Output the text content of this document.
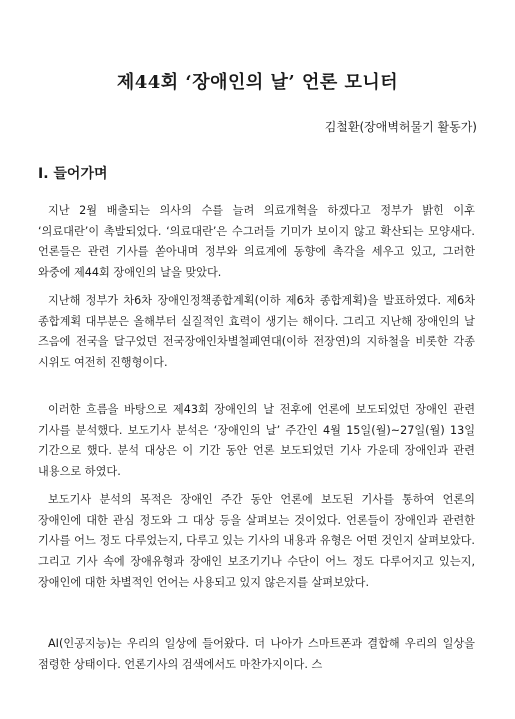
제44회 ‘장애인의 날’ 언론 모니터

김철환(장애벽허물기 활동가)

Ⅰ. 들어가며

지난 2월 배출되는 의사의 수를 늘려 의료개혁을 하겠다고 정부가 밝힌 이후 ‘의료대란’이 촉발되었다. ‘의료대란’은 수그러들 기미가 보이지 않고 확산되는 모양새다. 언론들은 관련 기사를 쏟아내며 정부와 의료계에 동향에 촉각을 세우고 있고, 그러한 와중에 제44회 장애인의 날을 맞았다.

지난해 정부가 차6차 장애인정책종합계획(이하 제6차 종합계획)을 발표하였다. 제6차 종합계획 대부분은 올해부터 실질적인 효력이 생기는 해이다. 그리고 지난해 장애인의 날 즈음에 전국을 달구었던 전국장애인차별철폐연대(이하 전장연)의 지하철을 비롯한 각종 시위도 여전히 진행형이다.

이러한 흐름을 바탕으로 제43회 장애인의 날 전후에 언론에 보도되었던 장애인 관련 기사를 분석했다. 보도기사 분석은 ‘장애인의 날’ 주간인 4월 15일(월)~27일(월) 13일 기간으로 했다. 분석 대상은 이 기간 동안 언론 보도되었던 기사 가운데 장애인과 관련 내용으로 하였다.

보도기사 분석의 목적은 장애인 주간 동안 언론에 보도된 기사를 통하여 언론의 장애인에 대한 관심 정도와 그 대상 등을 살펴보는 것이었다. 언론들이 장애인과 관련한 기사를 어느 정도 다루었는지, 다루고 있는 기사의 내용과 유형은 어떤 것인지 살펴보았다. 그리고 기사 속에 장애유형과 장애인 보조기기나 수단이 어느 정도 다루어지고 있는지, 장애인에 대한 차별적인 언어는 사용되고 있지 않은지를 살펴보았다.

AI(인공지능)는 우리의 일상에 들어왔다. 더 나아가 스마트폰과 결합해 우리의 일상을 점령한 상태이다. 언론기사의 검색에서도 마찬가지이다. 스
